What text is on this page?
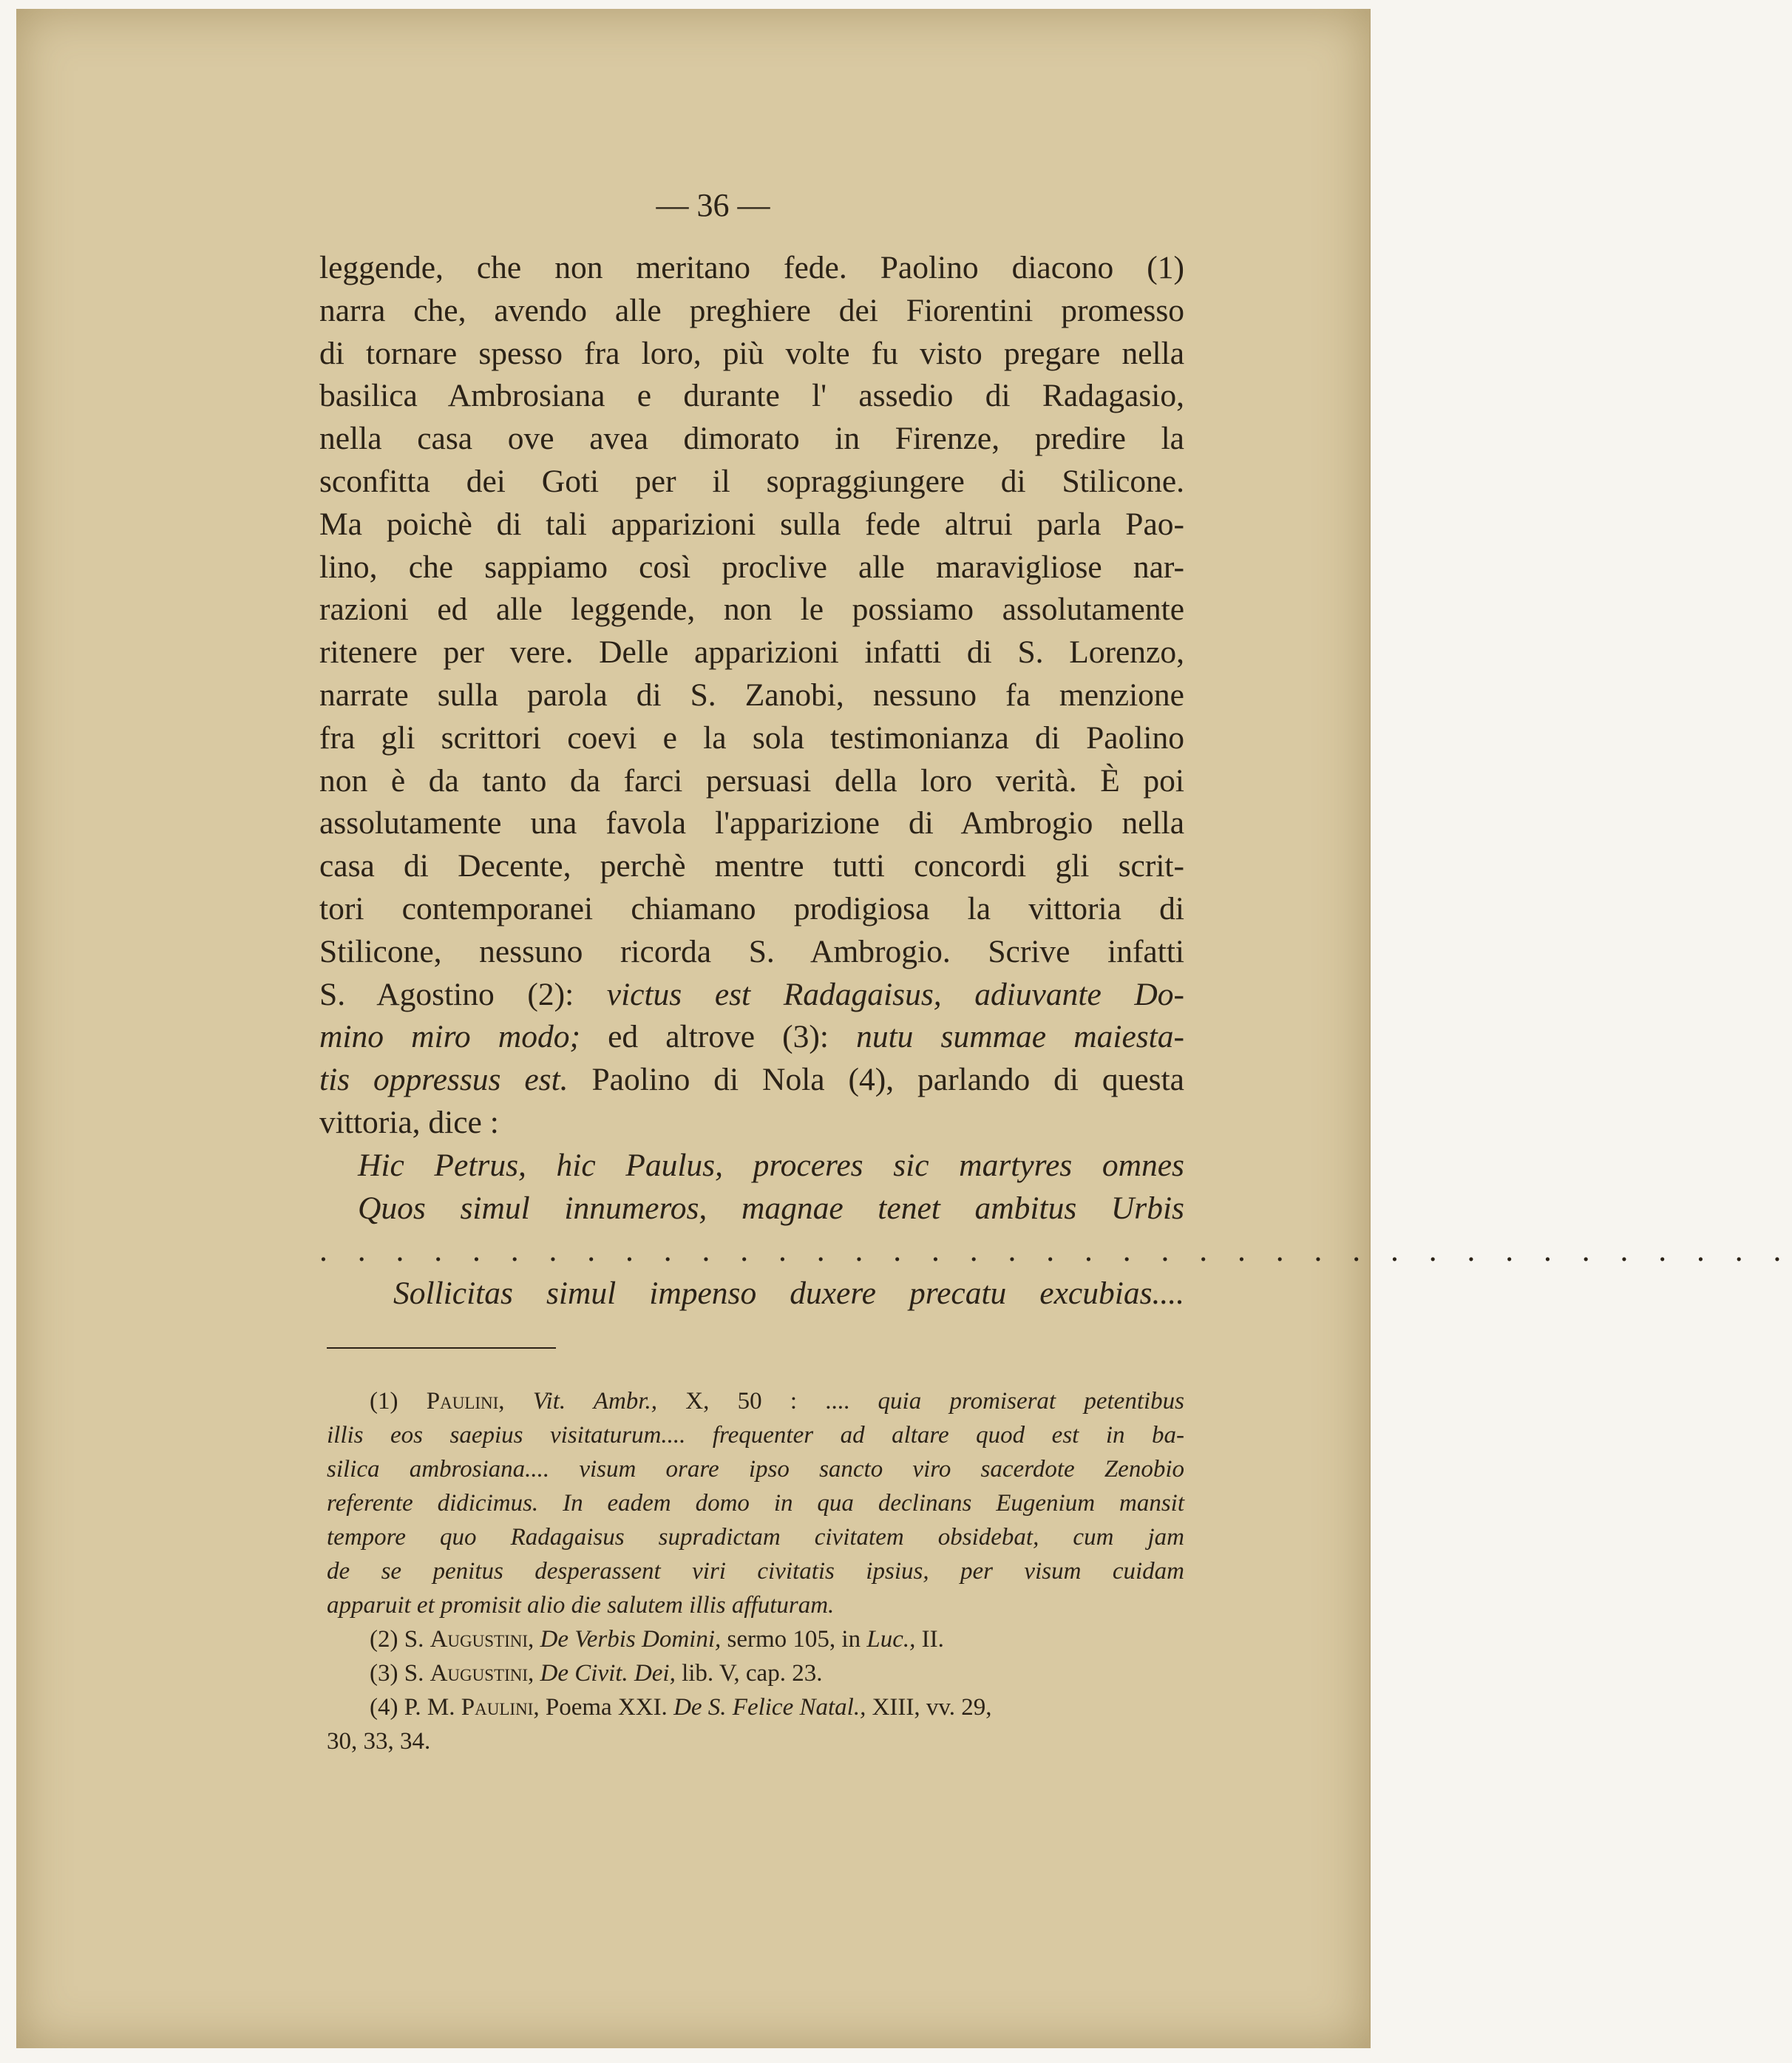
— 36 —
leggende, che non meritano fede. Paolino diacono (1)
narra che, avendo alle preghiere dei Fiorentini promesso
di tornare spesso fra loro, più volte fu visto pregare nella
basilica Ambrosiana e durante l' assedio di Radagasio,
nella casa ove avea dimorato in Firenze, predire la
sconfitta dei Goti per il sopraggiungere di Stilicone.
Ma poichè di tali apparizioni sulla fede altrui parla Pao-
lino, che sappiamo così proclive alle maravigliose nar-
razioni ed alle leggende, non le possiamo assolutamente
ritenere per vere. Delle apparizioni infatti di S. Lorenzo,
narrate sulla parola di S. Zanobi, nessuno fa menzione
fra gli scrittori coevi e la sola testimonianza di Paolino
non è da tanto da farci persuasi della loro verità. È poi
assolutamente una favola l'apparizione di Ambrogio nella
casa di Decente, perchè mentre tutti concordi gli scrit-
tori contemporanei chiamano prodigiosa la vittoria di
Stilicone, nessuno ricorda S. Ambrogio. Scrive infatti
S. Agostino (2): victus est Radagaisus, adiuvante Do-
mino miro modo; ed altrove (3): nutu summae maiesta-
tis oppressus est. Paolino di Nola (4), parlando di questa
vittoria, dice :
Hic Petrus, hic Paulus, proceres sic martyres omnes
Quos simul innumeros, magnae tenet ambitus Urbis
. . . . . . . . . . . . . . . . . . . . . . . . . . . . . . . . . . . . . . .
Sollicitas simul impenso duxere precatu excubias....
(1) Paulini, Vit. Ambr., X, 50 : .... quia promiserat petentibus
illis eos saepius visitaturum.... frequenter ad altare quod est in ba-
silica ambrosiana.... visum orare ipso sancto viro sacerdote Zenobio
referente didicimus. In eadem domo in qua declinans Eugenium mansit
tempore quo Radagaisus supradictam civitatem obsidebat, cum jam
de se penitus desperassent viri civitatis ipsius, per visum cuidam
apparuit et promisit alio die salutem illis affuturam.
(2) S. Augustini, De Verbis Domini, sermo 105, in Luc., II.
(3) S. Augustini, De Civit. Dei, lib. V, cap. 23.
(4) P. M. Paulini, Poema XXI. De S. Felice Natal., XIII, vv. 29,
30, 33, 34.
